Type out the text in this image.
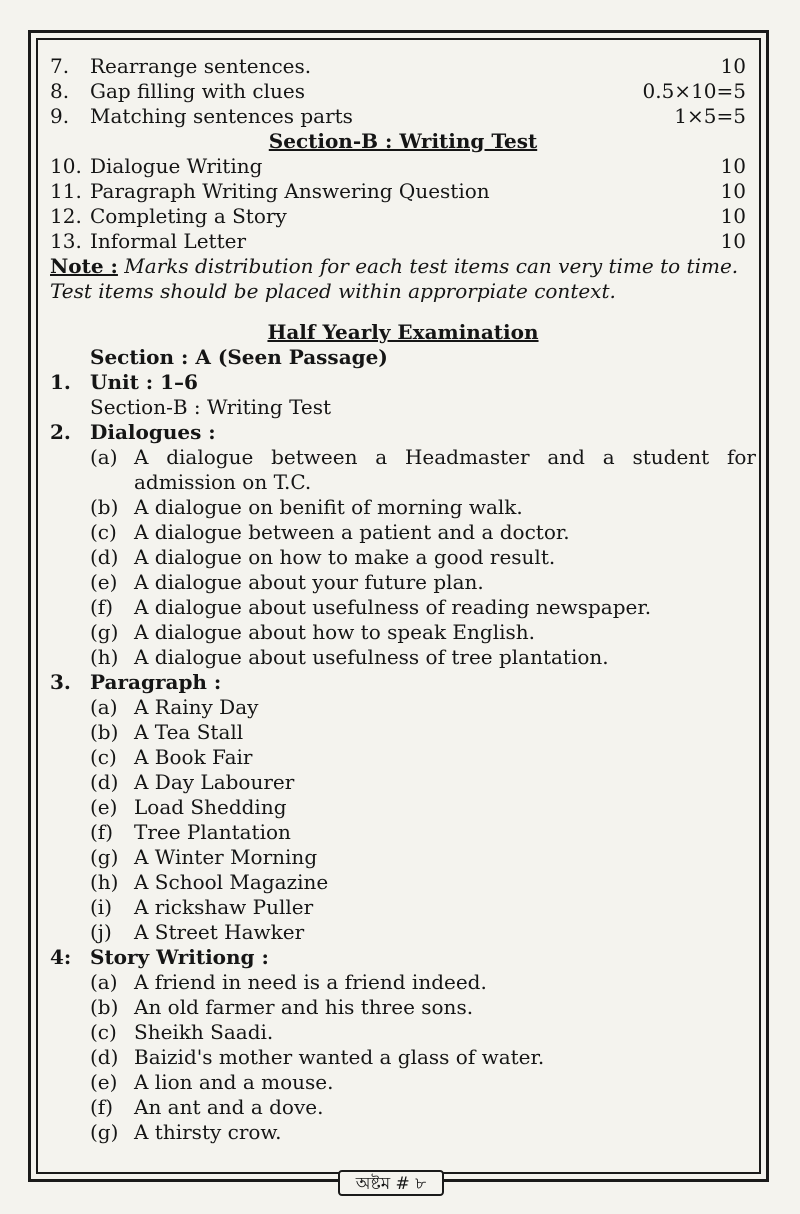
7. Rearrange sentences.	10
8. Gap filling with clues	0.5×10=5
9. Matching sentences parts	1×5=5
Section-B : Writing Test
10. Dialogue Writing	10
11. Paragraph Writing Answering Question	10
12. Completing a Story	10
13. Informal Letter	10
Note : Marks distribution for each test items can very time to time. Test items should be placed within approrpiate context.
Half Yearly Examination
Section : A (Seen Passage)
1. Unit : 1–6
Section-B : Writing Test
2. Dialogues :
(a) A dialogue between a Headmaster and a student for admission on T.C.
(b) A dialogue on benifit of morning walk.
(c) A dialogue between a patient and a doctor.
(d) A dialogue on how to make a good result.
(e) A dialogue about your future plan.
(f) A dialogue about usefulness of reading newspaper.
(g) A dialogue about how to speak English.
(h) A dialogue about usefulness of tree plantation.
3. Paragraph :
(a) A Rainy Day
(b) A Tea Stall
(c) A Book Fair
(d) A Day Labourer
(e) Load Shedding
(f) Tree Plantation
(g) A Winter Morning
(h) A School Magazine
(i) A rickshaw Puller
(j) A Street Hawker
4: Story Writiong :
(a) A friend in need is a friend indeed.
(b) An old farmer and his three sons.
(c) Sheikh Saadi.
(d) Baizid's mother wanted a glass of water.
(e) A lion and a mouse.
(f) An ant and a dove.
(g) A thirsty crow.
অষ্টম # ৮
